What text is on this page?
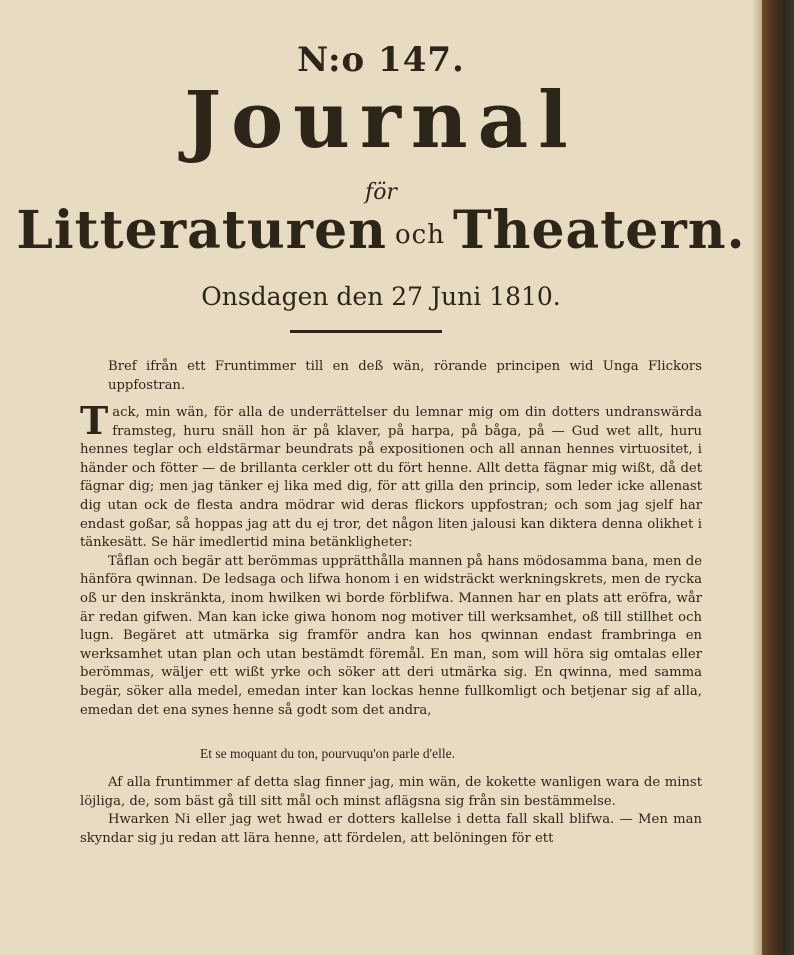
N:o 147.
Journal
för
Litteraturen och Theatern.
Onsdagen den 27 Juni 1810.

Bref ifrån ett Fruntimmer till en deß wän, rörande principen wid Unga Flickors uppfostran.

Tack, min wän, för alla de underrättelser du lemnar mig om din dotters undranswärda framsteg, huru snäll hon är på klaver, på harpa, på båga, på — Gud wet allt, huru hennes teglar och eldstärmar beundrats på expositionen och all annan hennes virtuositet, i händer och fötter — de brillanta cerkler ott du fört henne. Allt detta fägnar mig wißt, då det fägnar dig; men jag tänker ej lika med dig, för att gilla den princip, som leder icke allenast dig utan ock de flesta andra mödrar wid deras flickors uppfostran; och som jag sjelf har endast goßar, så hoppas jag att du ej tror, det någon liten jalousi kan diktera denna olikhet i tänkesätt. Se här imedlertid mina betänkligheter:

Tåflan och begär att berömmas upprätthålla mannen på hans mödosamma bana, men de hänföra qwinnan. De ledsaga och lifwa honom i en widsträckt werkningskrets, men de rycka oß ur den inskränkta, inom hwilken wi borde förblifwa. Mannen har en plats att eröfra, wår är redan gifwen. Man kan icke giwa honom nog motiver till werksamhet, oß till stillhet och lugn. Begäret att utmärka sig framför andra kan hos qwinnan endast frambringa en werksamhet utan plan och utan bestämdt föremål. En man, som will höra sig omtalas eller berömmas, wäljer ett wißt yrke och söker att deri utmärka sig. En qwinna, med samma begär, söker alla medel, emedan inter kan lockas henne fullkomligt och betjenar sig af alla, emedan det ena synes henne så godt som det andra,

Et se moquant du ton, pourvuqu'on parle d'elle.

Af alla fruntimmer af detta slag finner jag, min wän, de kokette wanligen wara de minst löjliga, de, som bäst gå till sitt mål och minst aflägsna sig från sin bestämmelse.

Hwarken Ni eller jag wet hwad er dotters kallelse i detta fall skall blifwa. — Men man skyndar sig ju redan att lära henne, att fördelen, att belöningen för ett
